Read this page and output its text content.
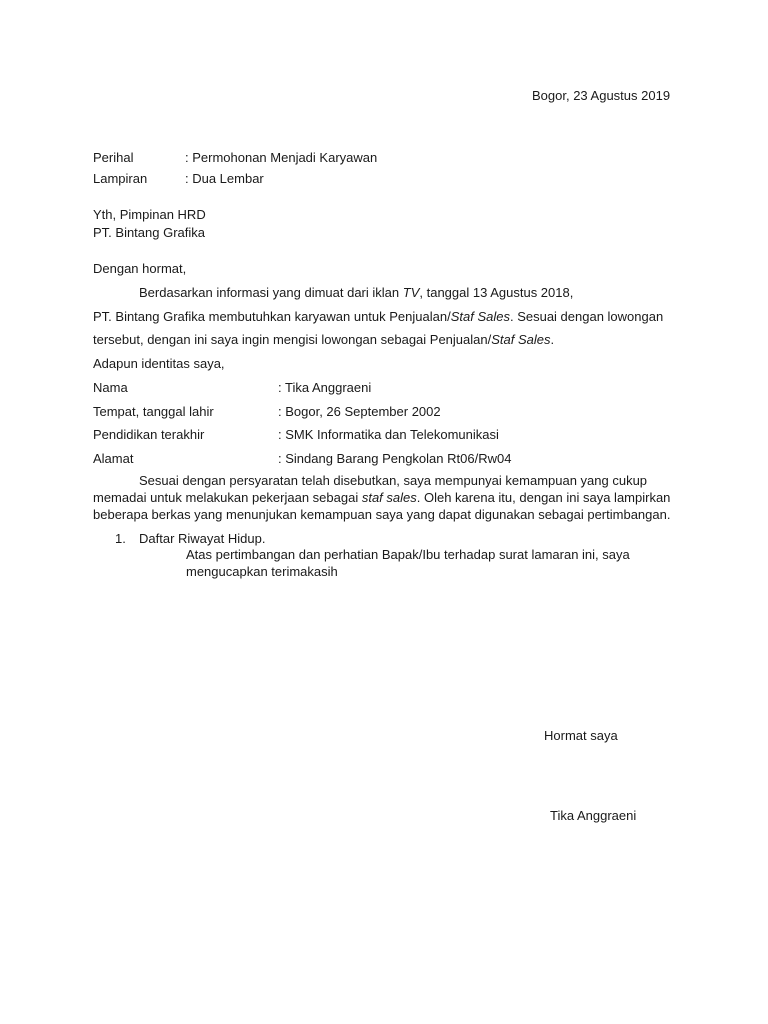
Bogor, 23 Agustus 2019
Perihal	: Permohonan Menjadi Karyawan
Lampiran	: Dua Lembar
Yth, Pimpinan HRD
PT. Bintang Grafika
Dengan hormat,
Berdasarkan informasi yang dimuat dari iklan TV, tanggal 13 Agustus 2018,
PT. Bintang Grafika membutuhkan karyawan untuk Penjualan/Staf Sales. Sesuai dengan lowongan
tersebut, dengan ini saya ingin mengisi lowongan sebagai Penjualan/Staf Sales.
Adapun identitas saya,
Nama	: Tika Anggraeni
Tempat, tanggal lahir	: Bogor, 26 September 2002
Pendidikan terakhir	: SMK Informatika dan Telekomunikasi
Alamat	: Sindang Barang Pengkolan Rt06/Rw04
Sesuai dengan persyaratan telah disebutkan, saya mempunyai kemampuan yang cukup
memadai untuk melakukan pekerjaan sebagai staf sales. Oleh karena itu, dengan ini saya lampirkan
beberapa berkas yang menunjukan kemampuan saya yang dapat digunakan sebagai pertimbangan.
1. Daftar Riwayat Hidup.
Atas pertimbangan dan perhatian Bapak/Ibu terhadap surat lamaran ini, saya
mengucapkan terimakasih
Hormat saya
Tika Anggraeni
